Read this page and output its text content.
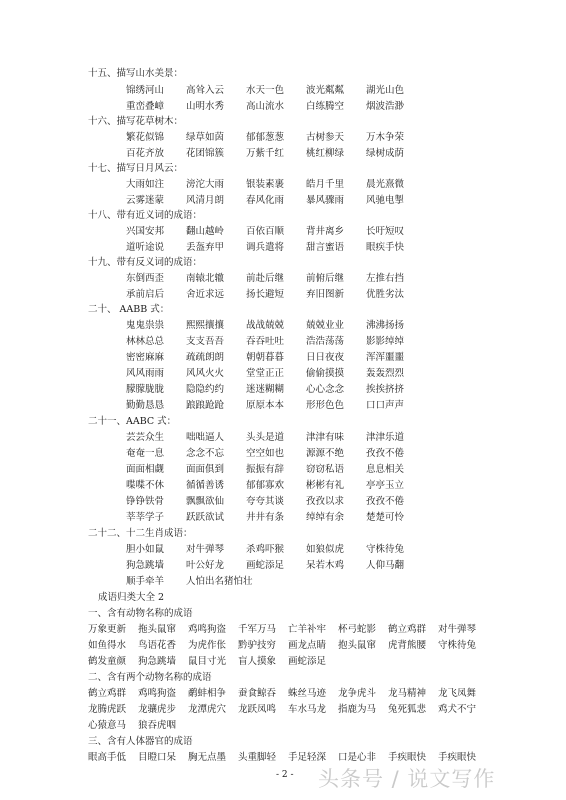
十五、描写山水美景：
锦绣河山 高耸入云 水天一色 波光粼粼 湖光山色
重峦叠嶂 山明水秀 高山流水 白练腾空 烟波浩渺
十六、描写花草树木：
繁花似锦 绿草如茵 郁郁葱葱 古树参天 万木争荣
百花齐放 花团锦簇 万紫千红 桃红柳绿 绿树成荫
十七、描写日月风云：
大雨如注 滂沱大雨 银装素裹 皓月千里 晨光熹微
云雾迷蒙 风清月朗 春风化雨 暴风骤雨 风驰电掣
十八、带有近义词的成语：
兴国安邦 翻山越岭 百依百顺 背井离乡 长吁短叹
道听途说 丢盔弃甲 调兵遣将 甜言蜜语 眼疾手快
十九、带有反义词的成语：
东倒西歪 南辕北辙 前赴后继 前俯后继 左推右挡
承前启后 舍近求远 扬长避短 弃旧图新 优胜劣汰
二十、 AABB 式：
鬼鬼祟祟 熙熙攘攘 战战兢兢 兢兢业业 沸沸扬扬
林林总总 支支吾吾 吞吞吐吐 浩浩荡荡 影影绰绰
密密麻麻 疏疏朗朗 朝朝暮暮 日日夜夜 浑浑噩噩
风风雨雨 风风火火 堂堂正正 偷偷摸摸 轰轰烈烈
朦朦胧胧 隐隐约约 迷迷糊糊 心心念念 挨挨挤挤
勤勤恳恳 踉踉跄跄 原原本本 形形色色 口口声声
二十一、AABC 式：
芸芸众生 咄咄逼人 头头是道 津津有味 津津乐道
奄奄一息 念念不忘 空空如也 源源不绝 孜孜不倦
面面相觑 面面俱到 振振有辞 窃窃私语 息息相关
喋喋不休 循循善诱 郁郁寡欢 彬彬有礼 亭亭玉立
铮铮铁骨 飘飘欲仙 夸夸其谈 孜孜以求 孜孜不倦
莘莘学子 跃跃欲试 井井有条 绰绰有余 楚楚可怜
二十二、十二生肖成语：
胆小如鼠 对牛弹琴 杀鸡吓猴 如狼似虎 守株待兔
狗急跳墙 叶公好龙 画蛇添足 呆若木鸡 人仰马翻
顺手牵羊 人怕出名猪怕壮
成语归类大全 2
一、含有动物名称的成语
万象更新 拖头鼠窜 鸡鸣狗盗 千军万马 亡羊补牢 杯弓蛇影 鹤立鸡群 对牛弹琴
如鱼得水 鸟语花香 为虎作伥 黔驴技穷 画龙点睛 抱头鼠窜 虎背熊腰 守株待兔
鹤发童颜 狗急跳墙 鼠目寸光 盲人摸象 画蛇添足
二、含有两个动物名称的成语
鹤立鸡群 鸡鸣狗盗 鹬蚌相争 蚕食鲸吞 蛛丝马迹 龙争虎斗 龙马精神 龙飞凤舞
龙腾虎跃 龙骧虎步 龙潭虎穴 龙跃凤鸣 车水马龙 指鹿为马 兔死狐悲 鸡犬不宁
心猿意马 狼吞虎咽
三、含有人体器官的成语
眼高手低 目瞪口呆 胸无点墨 头重脚轻 手足轻深 口是心非 手疾眼快 手疾眼快
- 2 - 头条号 / 说文写作
